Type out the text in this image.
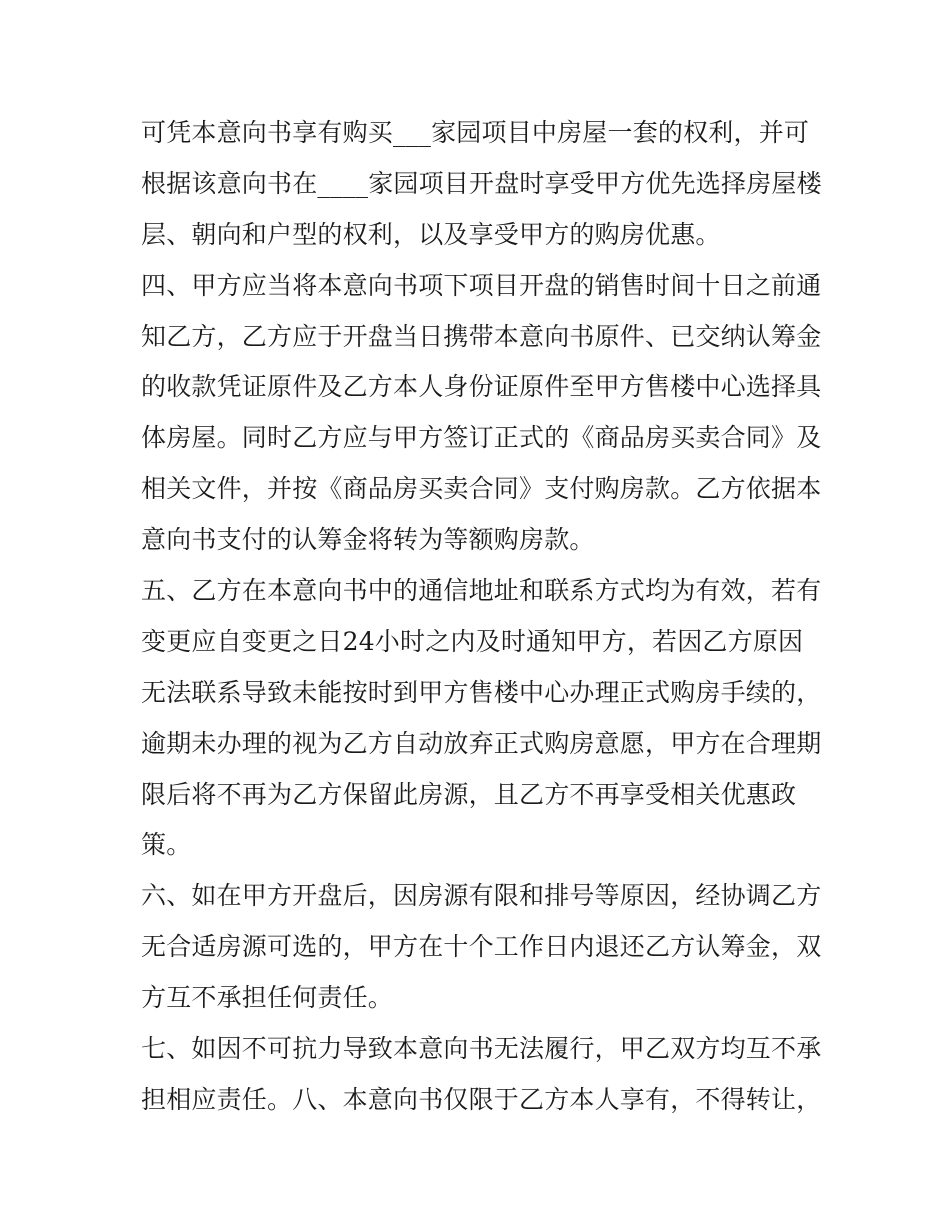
可凭本意向书享有购买___家园项目中房屋一套的权利，并可
根据该意向书在____家园项目开盘时享受甲方优先选择房屋楼
层、朝向和户型的权利，以及享受甲方的购房优惠。
四、甲方应当将本意向书项下项目开盘的销售时间十日之前通
知乙方，乙方应于开盘当日携带本意向书原件、已交纳认筹金
的收款凭证原件及乙方本人身份证原件至甲方售楼中心选择具
体房屋。同时乙方应与甲方签订正式的《商品房买卖合同》及
相关文件，并按《商品房买卖合同》支付购房款。乙方依据本
意向书支付的认筹金将转为等额购房款。
五、乙方在本意向书中的通信地址和联系方式均为有效，若有
变更应自变更之日24小时之内及时通知甲方，若因乙方原因
无法联系导致未能按时到甲方售楼中心办理正式购房手续的，
逾期未办理的视为乙方自动放弃正式购房意愿，甲方在合理期
限后将不再为乙方保留此房源，且乙方不再享受相关优惠政
策。
六、如在甲方开盘后，因房源有限和排号等原因，经协调乙方
无合适房源可选的，甲方在十个工作日内退还乙方认筹金，双
方互不承担任何责任。
七、如因不可抗力导致本意向书无法履行，甲乙双方均互不承
担相应责任。八、本意向书仅限于乙方本人享有，不得转让，
